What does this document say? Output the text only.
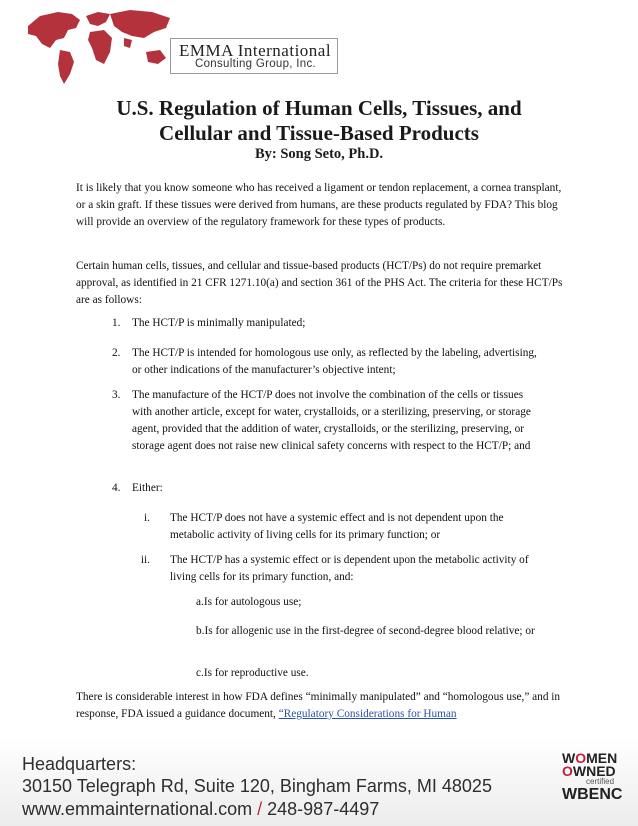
EMMA International
Consulting Group, Inc.
U.S. Regulation of Human Cells, Tissues, and
Cellular and Tissue-Based Products
By: Song Seto, Ph.D.

It is likely that you know someone who has received a ligament or tendon replacement, a cornea transplant, or a skin graft. If these tissues were derived from humans, are these products regulated by FDA? This blog will provide an overview of the regulatory framework for these types of products.

Certain human cells, tissues, and cellular and tissue-based products (HCT/Ps) do not require premarket approval, as identified in 21 CFR 1271.10(a) and section 361 of the PHS Act. The criteria for these HCT/Ps are as follows:

1.	The HCT/P is minimally manipulated;
2.	The HCT/P is intended for homologous use only, as reflected by the labeling, advertising, or other indications of the manufacturer’s objective intent;
3.	The manufacture of the HCT/P does not involve the combination of the cells or tissues with another article, except for water, crystalloids, or a sterilizing, preserving, or storage agent, provided that the addition of water, crystalloids, or the sterilizing, preserving, or storage agent does not raise new clinical safety concerns with respect to the HCT/P; and
4.	Either:
i. The HCT/P does not have a systemic effect and is not dependent upon the metabolic activity of living cells for its primary function; or
ii. The HCT/P has a systemic effect or is dependent upon the metabolic activity of living cells for its primary function, and:
a.Is for autologous use;
b.Is for allogenic use in the first-degree of second-degree blood relative; or
c.Is for reproductive use.

There is considerable interest in how FDA defines “minimally manipulated” and “homologous use,” and in response, FDA issued a guidance document, “Regulatory Considerations for Human

Headquarters:
30150 Telegraph Rd, Suite 120, Bingham Farms, MI 48025
www.emmainternational.com / 248-987-4497
WOMEN
OWNED
certified
WBENC
